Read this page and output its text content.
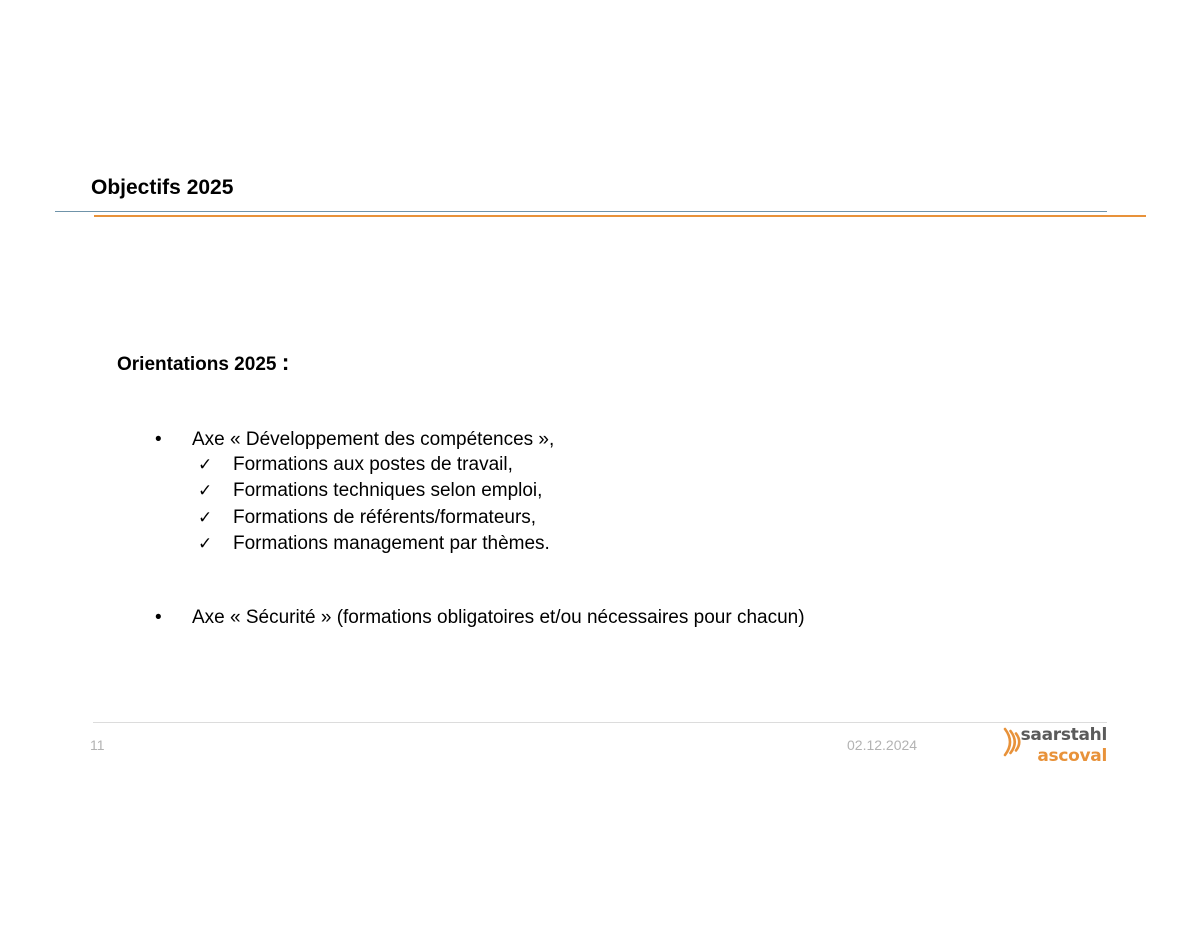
Objectifs 2025
Orientations 2025 :
• Axe « Développement des compétences »,
✓ Formations aux postes de travail,
✓ Formations techniques selon emploi,
✓ Formations de référents/formateurs,
✓ Formations management par thèmes.
• Axe « Sécurité » (formations obligatoires et/ou nécessaires pour chacun)
11	02.12.2024	saarstahl
ascoval
